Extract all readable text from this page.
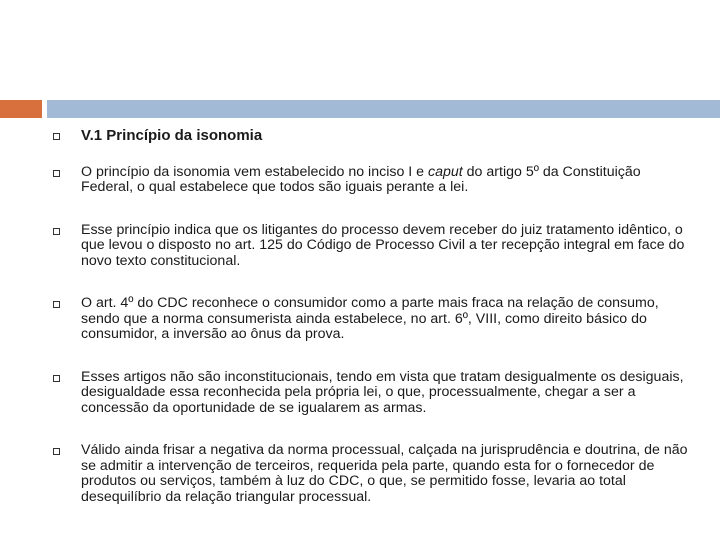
V.1 Princípio da isonomia
O princípio da isonomia vem estabelecido no inciso I e caput do artigo 5º da Constituição Federal, o qual estabelece que todos são iguais perante a lei.
Esse princípio indica que os litigantes do processo devem receber do juiz tratamento idêntico, o que levou o disposto no art. 125 do Código de Processo Civil a ter recepção integral em face do novo texto constitucional.
O art. 4º do CDC reconhece o consumidor como a parte mais fraca na relação de consumo, sendo que a norma consumerista ainda estabelece, no art. 6º, VIII, como direito básico do consumidor, a inversão ao ônus da prova.
Esses artigos não são inconstitucionais, tendo em vista que tratam desigualmente os desiguais, desigualdade essa reconhecida pela própria lei, o que, processualmente, chegar a ser a concessão da oportunidade de se igualarem as armas.
Válido ainda frisar a negativa da norma processual, calçada na jurisprudência e doutrina, de não se admitir a intervenção de terceiros, requerida pela parte, quando esta for o fornecedor de produtos ou serviços, também à luz do CDC, o que, se permitido fosse, levaria ao total desequilíbrio da relação triangular processual.
